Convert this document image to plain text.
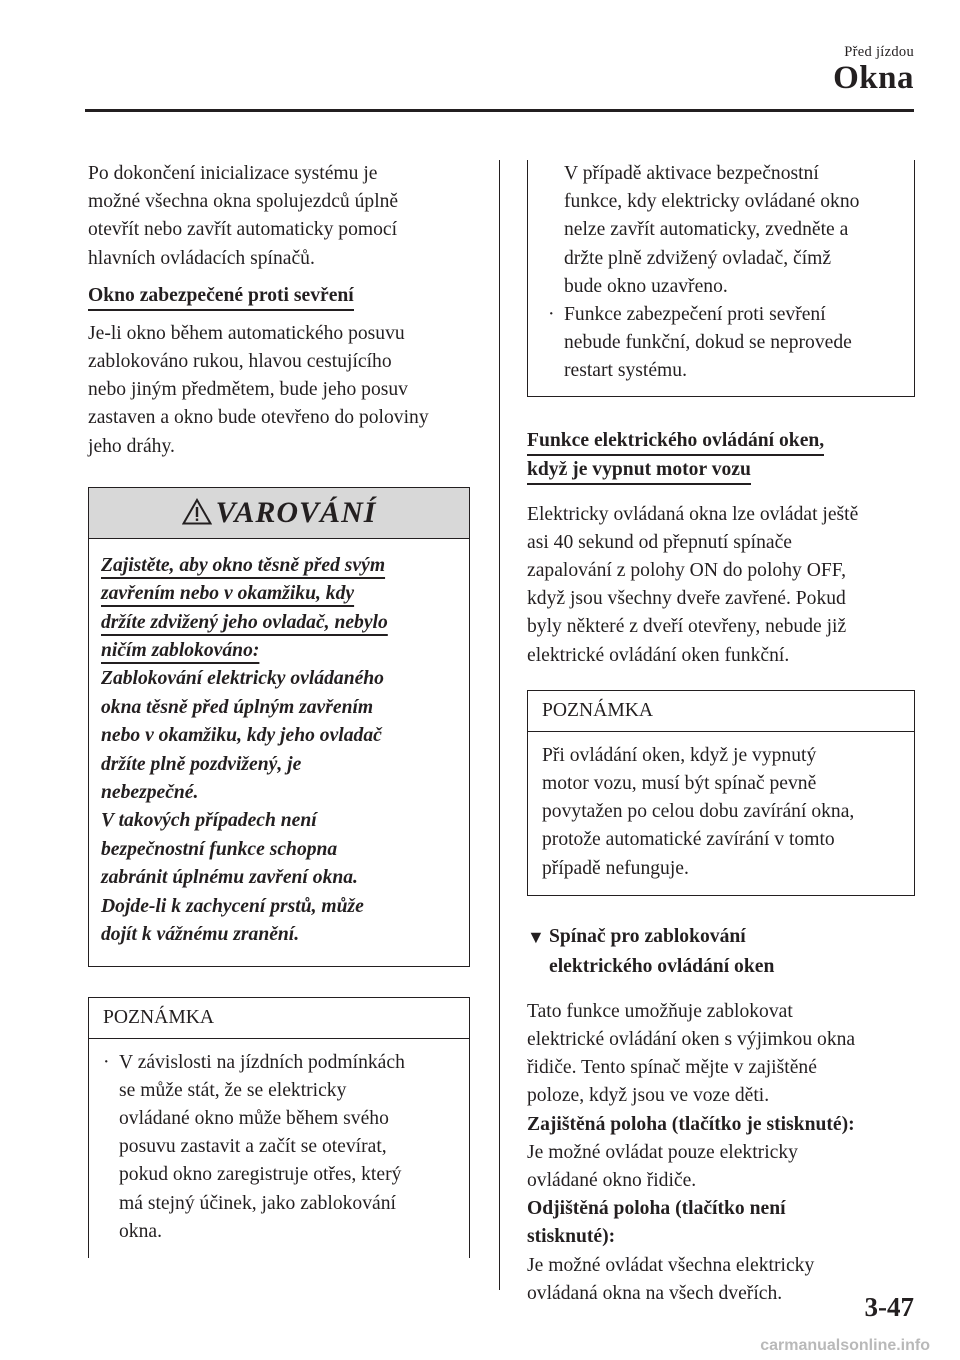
Před jízdou
Okna

Po dokončení inicializace systému je
možné všechna okna spolujezdců úplně
otevřít nebo zavřít automaticky pomocí
hlavních ovládacích spínačů.

Okno zabezpečené proti sevření

Je-li okno během automatického posuvu
zablokováno rukou, hlavou cestujícího
nebo jiným předmětem, bude jeho posuv
zastaven a okno bude otevřeno do poloviny
jeho dráhy.

VAROVÁNÍ
Zajistěte, aby okno těsně před svým
zavřením nebo v okamžiku, kdy
držíte zdvižený jeho ovladač, nebylo
ničím zablokováno:
Zablokování elektricky ovládaného
okna těsně před úplným zavřením
nebo v okamžiku, kdy jeho ovladač
držíte plně pozdvižený, je
nebezpečné.
V takových případech není
bezpečnostní funkce schopna
zabránit úplnému zavření okna.
Dojde-li k zachycení prstů, může
dojít k vážnému zranění.
POZNÁMKA
· V závislosti na jízdních podmínkách
se může stát, že se elektricky
ovládané okno může během svého
posuvu zastavit a začít se otevírat,
pokud okno zaregistruje otřes, který
má stejný účinek, jako zablokování
okna.

V případě aktivace bezpečnostní
funkce, kdy elektricky ovládané okno
nelze zavřít automaticky, zvedněte a
držte plně zdvižený ovladač, čímž
bude okno uzavřeno.

· Funkce zabezpečení proti sevření
nebude funkční, dokud se neprovede
restart systému.

Funkce elektrického ovládání oken,
když je vypnut motor vozu

Elektricky ovládaná okna lze ovládat ještě
asi 40 sekund od přepnutí spínače
zapalování z polohy ON do polohy OFF,
když jsou všechny dveře zavřené. Pokud
byly některé z dveří otevřeny, nebude již
elektrické ovládání oken funkční.

POZNÁMKA

Při ovládání oken, když je vypnutý
motor vozu, musí být spínač pevně
povytažen po celou dobu zavírání okna,
protože automatické zavírání v tomto
případě nefunguje.

▼ Spínač pro zablokování
elektrického ovládání oken

Tato funkce umožňuje zablokovat
elektrické ovládání oken s výjimkou okna
řidiče. Tento spínač mějte v zajištěné
poloze, když jsou ve voze děti.
Zajištěná poloha (tlačítko je stisknuté):
Je možné ovládat pouze elektricky
ovládané okno řidiče.
Odjištěná poloha (tlačítko není
stisknuté):
Je možné ovládat všechna elektricky
ovládaná okna na všech dveřích.	3-47
carmanualsonline.info
